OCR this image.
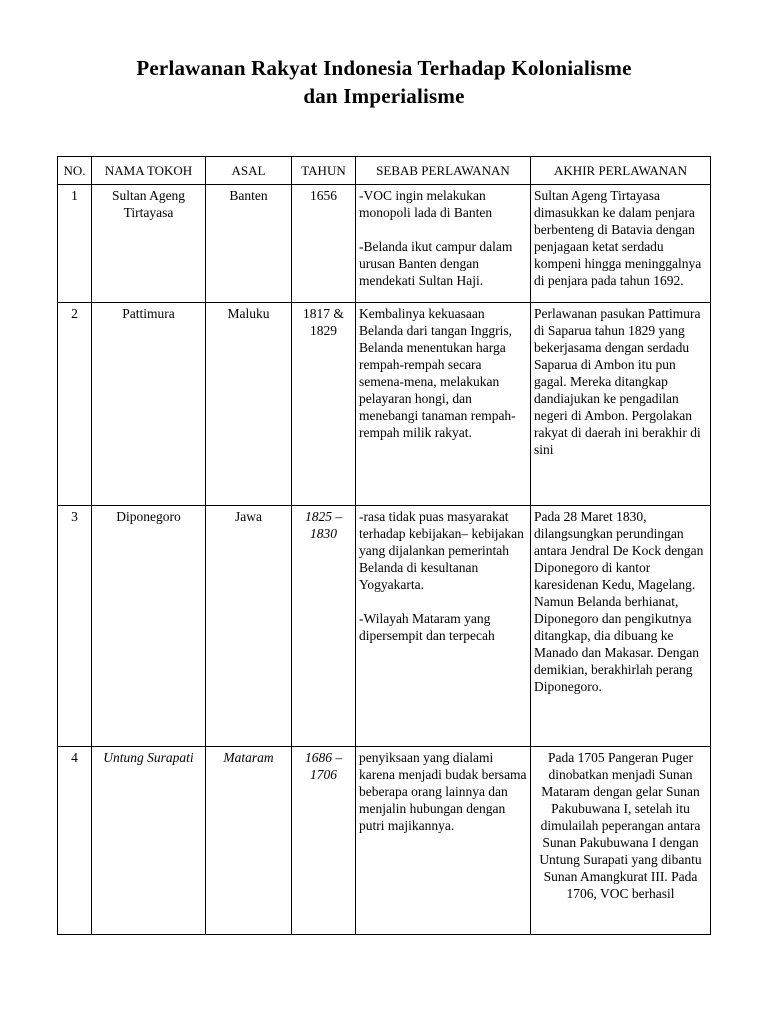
Perlawanan Rakyat Indonesia Terhadap Kolonialisme
dan Imperialisme
NO.	NAMA TOKOH	ASAL	TAHUN	SEBAB PERLAWANAN	AKHIR PERLAWANAN
1	Sultan Ageng Tirtayasa	Banten	1656	-VOC ingin melakukan monopoli lada di Banten

-Belanda ikut campur dalam urusan Banten dengan mendekati Sultan Haji.	Sultan Ageng Tirtayasa dimasukkan ke dalam penjara berbenteng di Batavia dengan penjagaan ketat serdadu kompeni hingga meninggalnya di penjara pada tahun 1692.
2	Pattimura	Maluku	1817 & 1829	Kembalinya kekuasaan Belanda dari tangan Inggris, Belanda menentukan harga rempah-rempah secara semena-mena, melakukan pelayaran hongi, dan menebangi tanaman rempah-rempah milik rakyat.	Perlawanan pasukan Pattimura di Saparua tahun 1829 yang bekerjasama dengan serdadu Saparua di Ambon itu pun gagal. Mereka ditangkap dandiajukan ke pengadilan negeri di Ambon. Pergolakan rakyat di daerah ini berakhir di sini
3	Diponegoro	Jawa	1825 – 1830	-rasa tidak puas masyarakat terhadap kebijakan– kebijakan yang dijalankan pemerintah Belanda di kesultanan Yogyakarta.

-Wilayah Mataram yang dipersempit dan terpecah	Pada 28 Maret 1830, dilangsungkan perundingan antara Jendral De Kock dengan Diponegoro di kantor karesidenan Kedu, Magelang. Namun Belanda berhianat, Diponegoro dan pengikutnya ditangkap, dia dibuang ke Manado dan Makasar. Dengan demikian, berakhirlah perang Diponegoro.
4	Untung Surapati	Mataram	1686 – 1706	penyiksaan yang dialami karena menjadi budak bersama beberapa orang lainnya dan menjalin hubungan dengan putri majikannya.	Pada 1705 Pangeran Puger dinobatkan menjadi Sunan Mataram dengan gelar Sunan Pakubuwana I, setelah itu dimulailah peperangan antara Sunan Pakubuwana I dengan Untung Surapati yang dibantu Sunan Amangkurat III. Pada 1706, VOC berhasil
